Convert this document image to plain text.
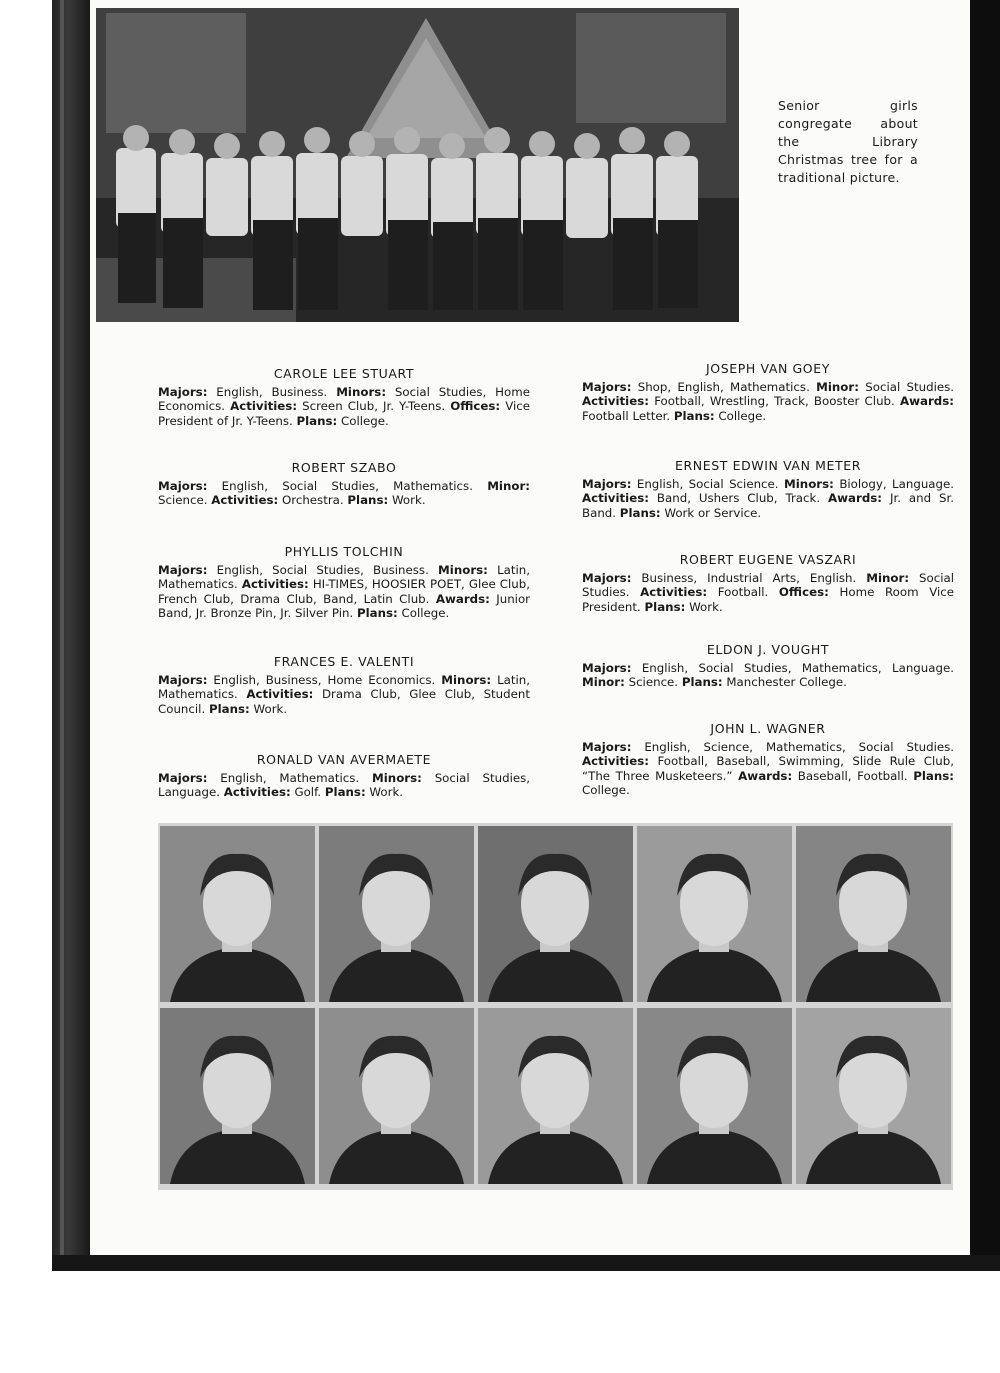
Senior girls congregate about the Library Christmas tree for a traditional picture.
CAROLE LEE STUART
Majors: English, Business. Minors: Social Studies, Home Economics. Activities: Screen Club, Jr. Y-Teens. Offices: Vice President of Jr. Y-Teens. Plans: College.
ROBERT SZABO
Majors: English, Social Studies, Mathematics. Minor: Science. Activities: Orchestra. Plans: Work.
PHYLLIS TOLCHIN
Majors: English, Social Studies, Business. Minors: Latin, Mathematics. Activities: HI-TIMES, HOOSIER POET, Glee Club, French Club, Drama Club, Band, Latin Club. Awards: Junior Band, Jr. Bronze Pin, Jr. Silver Pin. Plans: College.
FRANCES E. VALENTI
Majors: English, Business, Home Economics. Minors: Latin, Mathematics. Activities: Drama Club, Glee Club, Student Council. Plans: Work.
RONALD VAN AVERMAETE
Majors: English, Mathematics. Minors: Social Studies, Language. Activities: Golf. Plans: Work.
JOSEPH VAN GOEY
Majors: Shop, English, Mathematics. Minor: Social Studies. Activities: Football, Wrestling, Track, Booster Club. Awards: Football Letter. Plans: College.
ERNEST EDWIN VAN METER
Majors: English, Social Science. Minors: Biology, Language. Activities: Band, Ushers Club, Track. Awards: Jr. and Sr. Band. Plans: Work or Service.
ROBERT EUGENE VASZARI
Majors: Business, Industrial Arts, English. Minor: Social Studies. Activities: Football. Offices: Home Room Vice President. Plans: Work.
ELDON J. VOUGHT
Majors: English, Social Studies, Mathematics, Language. Minor: Science. Plans: Manchester College.
JOHN L. WAGNER
Majors: English, Science, Mathematics, Social Studies. Activities: Football, Baseball, Swimming, Slide Rule Club, “The Three Musketeers.” Awards: Baseball, Football. Plans: College.
